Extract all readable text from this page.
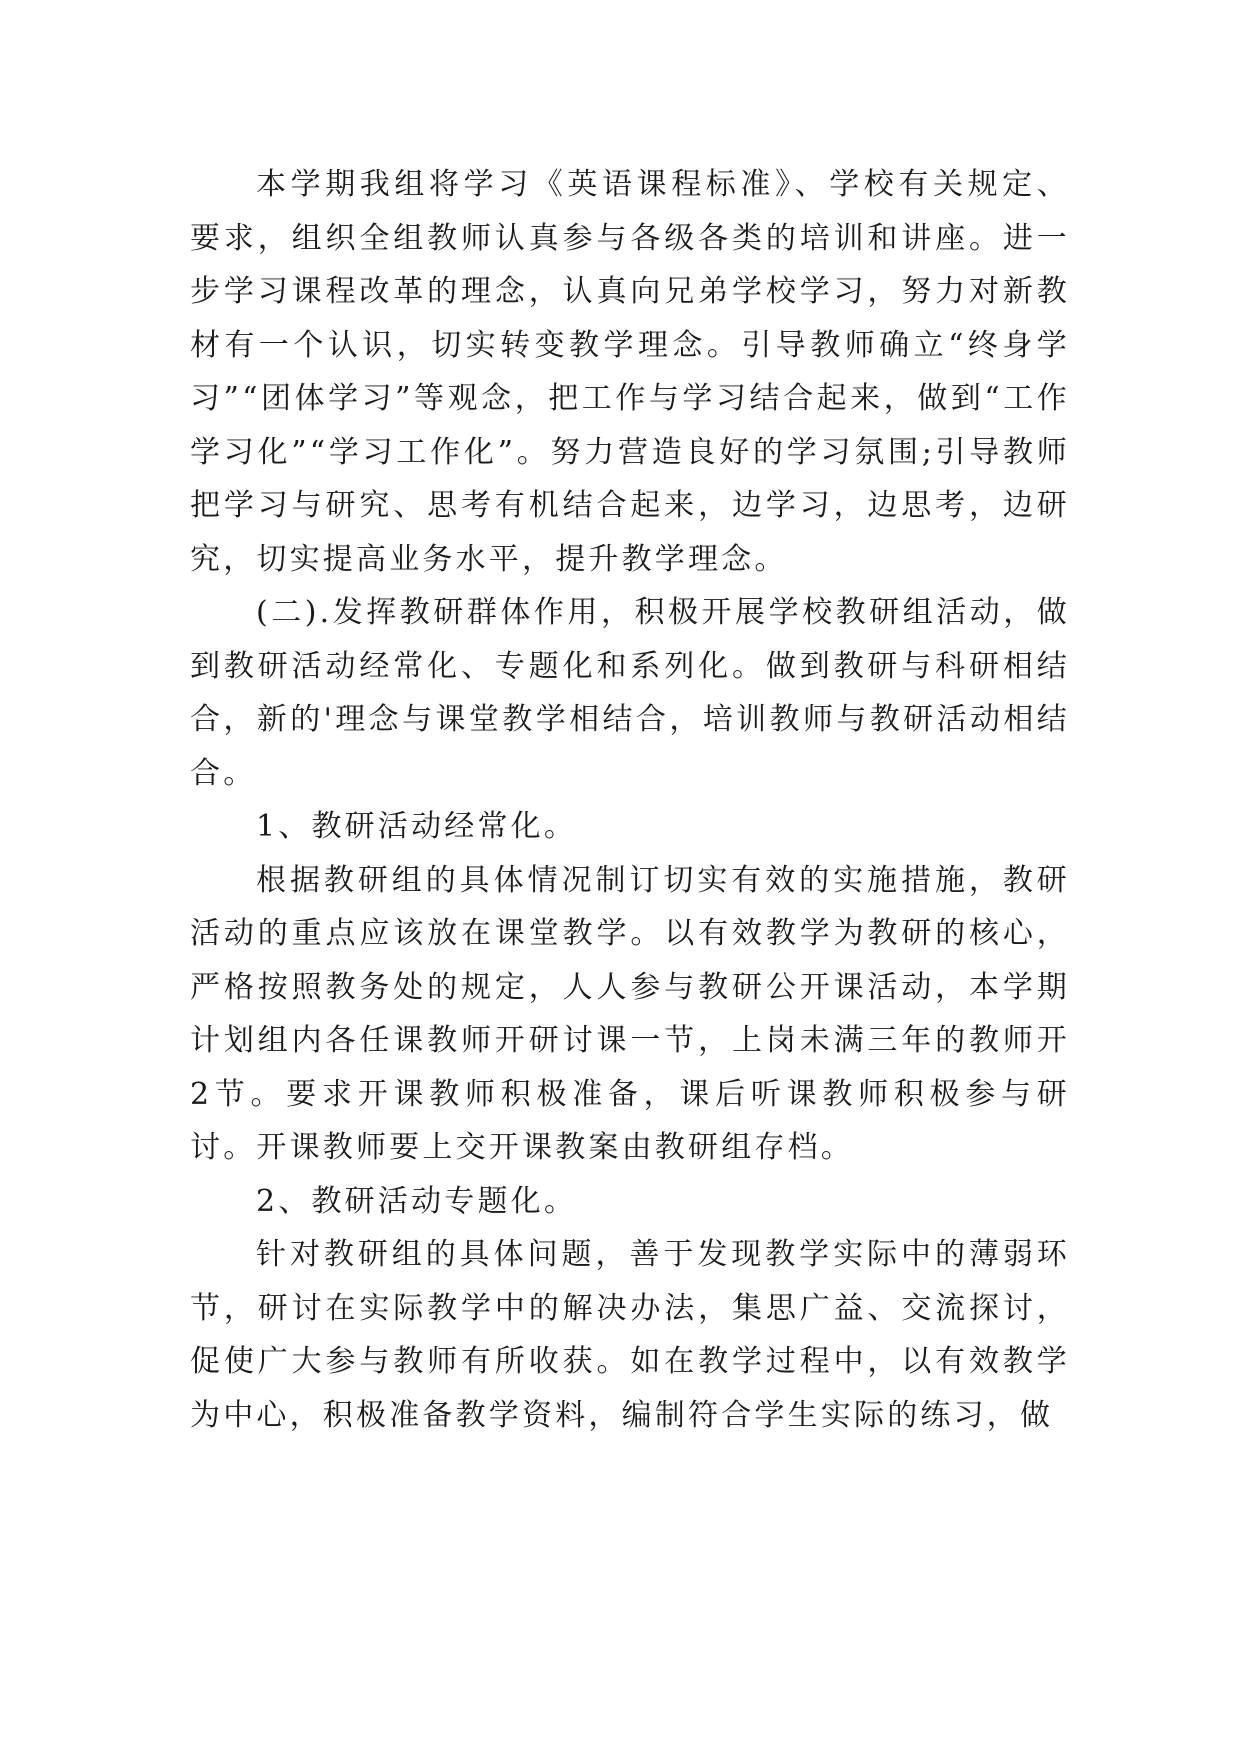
本学期我组将学习《英语课程标准》、学校有关规定、要求，组织全组教师认真参与各级各类的培训和讲座。进一步学习课程改革的理念，认真向兄弟学校学习，努力对新教材有一个认识，切实转变教学理念。引导教师确立“终身学习”“团体学习”等观念，把工作与学习结合起来，做到“工作学习化”“学习工作化”。努力营造良好的学习氛围;引导教师把学习与研究、思考有机结合起来，边学习，边思考，边研究，切实提高业务水平，提升教学理念。

(二).发挥教研群体作用，积极开展学校教研组活动，做到教研活动经常化、专题化和系列化。做到教研与科研相结合，新的'理念与课堂教学相结合，培训教师与教研活动相结合。

1、教研活动经常化。

根据教研组的具体情况制订切实有效的实施措施，教研活动的重点应该放在课堂教学。以有效教学为教研的核心，严格按照教务处的规定，人人参与教研公开课活动，本学期计划组内各任课教师开研讨课一节，上岗未满三年的教师开2节。要求开课教师积极准备，课后听课教师积极参与研讨。开课教师要上交开课教案由教研组存档。

2、教研活动专题化。

针对教研组的具体问题，善于发现教学实际中的薄弱环节，研讨在实际教学中的解决办法，集思广益、交流探讨，促使广大参与教师有所收获。如在教学过程中，以有效教学为中心，积极准备教学资料，编制符合学生实际的练习，做
